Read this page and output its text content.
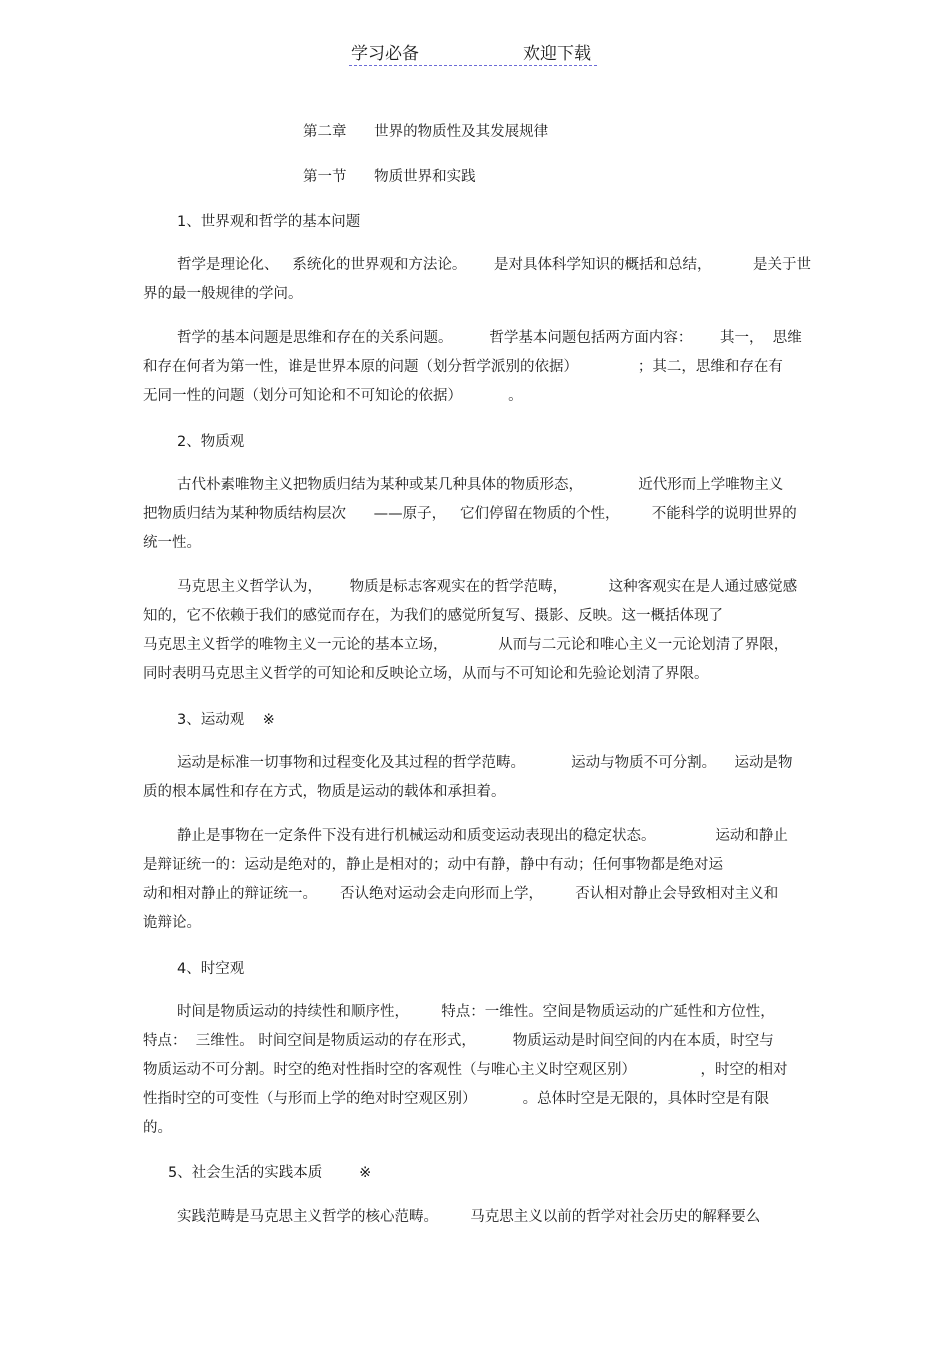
学习必备	欢迎下载
第二章      世界的物质性及其发展规律
第一节      物质世界和实践
1、世界观和哲学的基本问题
哲学是理论化、   系统化的世界观和方法论。      是对具体科学知识的概括和总结，         是关于世
界的最一般规律的学问。
哲学的基本问题是思维和存在的关系问题。        哲学基本问题包括两方面内容：      其一，  思维
和存在何者为第一性，谁是世界本原的问题（划分哲学派别的依据）             ；其二，思维和存在有
无同一性的问题（划分可知论和不可知论的依据）          。
2、物质观
古代朴素唯物主义把物质归结为某种或某几种具体的物质形态，            近代形而上学唯物主义
把物质归结为某种物质结构层次      ——原子，   它们停留在物质的个性，       不能科学的说明世界的
统一性。
马克思主义哲学认为，      物质是标志客观实在的哲学范畴，         这种客观实在是人通过感觉感
知的，它不依赖于我们的感觉而存在，为我们的感觉所复写、摄影、反映。这一概括体现了
马克思主义哲学的唯物主义一元论的基本立场，           从而与二元论和唯心主义一元论划清了界限，
同时表明马克思主义哲学的可知论和反映论立场，从而与不可知论和先验论划清了界限。
3、运动观    ※
运动是标准一切事物和过程变化及其过程的哲学范畴。          运动与物质不可分割。    运动是物
质的根本属性和存在方式，物质是运动的载体和承担着。
静止是事物在一定条件下没有进行机械运动和质变运动表现出的稳定状态。             运动和静止
是辩证统一的：运动是绝对的，静止是相对的；动中有静，静中有动；任何事物都是绝对运
动和相对静止的辩证统一。     否认绝对运动会走向形而上学，       否认相对静止会导致相对主义和
诡辩论。
4、时空观
时间是物质运动的持续性和顺序性，       特点：一维性。空间是物质运动的广延性和方位性，
特点：  三维性。 时间空间是物质运动的存在形式，        物质运动是时间空间的内在本质，时空与
物质运动不可分割。时空的绝对性指时空的客观性（与唯心主义时空观区别）              ，时空的相对
性指时空的可变性（与形而上学的绝对时空观区别）          。总体时空是无限的，具体时空是有限
的。
5、社会生活的实践本质        ※
实践范畴是马克思主义哲学的核心范畴。       马克思主义以前的哲学对社会历史的解释要么
